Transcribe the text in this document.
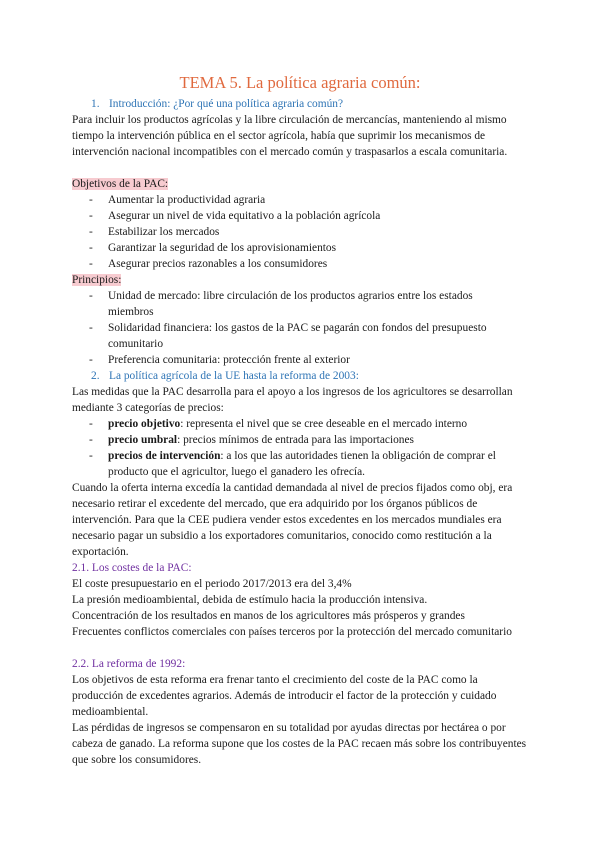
TEMA 5. La política agraria común:
1. Introducción: ¿Por qué una política agraria común?
Para incluir los productos agrícolas y la libre circulación de mercancías, manteniendo al mismo tiempo la intervención pública en el sector agrícola, había que suprimir los mecanismos de intervención nacional incompatibles con el mercado común y traspasarlos a escala comunitaria.
Objetivos de la PAC:
-	Aumentar la productividad agraria
-	Asegurar un nivel de vida equitativo a la población agrícola
-	Estabilizar los mercados
-	Garantizar la seguridad de los aprovisionamientos
-	Asegurar precios razonables a los consumidores
Principios:
-	Unidad de mercado: libre circulación de los productos agrarios entre los estados miembros
-	Solidaridad financiera: los gastos de la PAC se pagarán con fondos del presupuesto comunitario
-	Preferencia comunitaria: protección frente al exterior
2. La política agrícola de la UE hasta la reforma de 2003:
Las medidas que la PAC desarrolla para el apoyo a los ingresos de los agricultores se desarrollan mediante 3 categorías de precios:
-	precio objetivo: representa el nivel que se cree deseable en el mercado interno
-	precio umbral: precios mínimos de entrada para las importaciones
-	precios de intervención: a los que las autoridades tienen la obligación de comprar el producto que el agricultor, luego el ganadero les ofrecía.
Cuando la oferta interna excedía la cantidad demandada al nivel de precios fijados como obj, era necesario retirar el excedente del mercado, que era adquirido por los órganos públicos de intervención. Para que la CEE pudiera vender estos excedentes en los mercados mundiales era necesario pagar un subsidio a los exportadores comunitarios, conocido como restitución a la exportación.
2.1. Los costes de la PAC:
El coste presupuestario en el periodo 2017/2013 era del 3,4%
La presión medioambiental, debida de estímulo hacia la producción intensiva.
Concentración de los resultados en manos de los agricultores más prósperos y grandes
Frecuentes conflictos comerciales con países terceros por la protección del mercado comunitario
2.2. La reforma de 1992:
Los objetivos de esta reforma era frenar tanto el crecimiento del coste de la PAC como la producción de excedentes agrarios. Además de introducir el factor de la protección y cuidado medioambiental.
Las pérdidas de ingresos se compensaron en su totalidad por ayudas directas por hectárea o por cabeza de ganado. La reforma supone que los costes de la PAC recaen más sobre los contribuyentes que sobre los consumidores.
